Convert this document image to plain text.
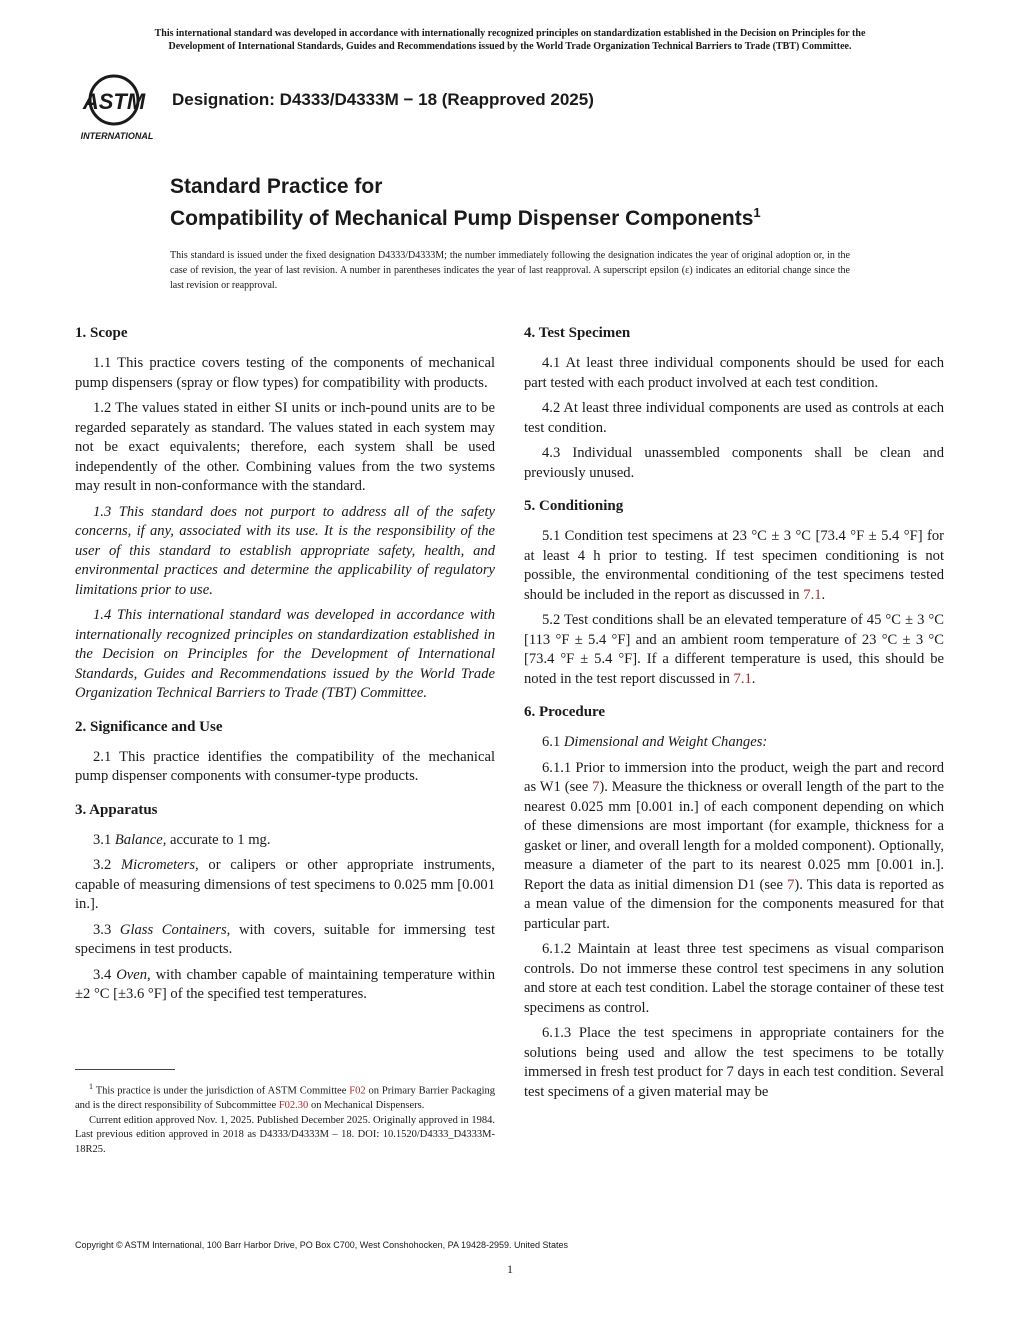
This international standard was developed in accordance with internationally recognized principles on standardization established in the Decision on Principles for the
Development of International Standards, Guides and Recommendations issued by the World Trade Organization Technical Barriers to Trade (TBT) Committee.
ASTM
INTERNATIONAL
Designation: D4333/D4333M − 18 (Reapproved 2025)
Standard Practice for
Compatibility of Mechanical Pump Dispenser Components$^1$
This standard is issued under the fixed designation D4333/D4333M; the number immediately following the designation indicates the year of original adoption or, in the case of revision, the year of last revision. A number in parentheses indicates the year of last reapproval. A superscript epsilon (ε) indicates an editorial change since the last revision or reapproval.
1. Scope

1.1 This practice covers testing of the components of mechanical pump dispensers (spray or flow types) for compatibility with products.

1.2 The values stated in either SI units or inch-pound units are to be regarded separately as standard. The values stated in each system may not be exact equivalents; therefore, each system shall be used independently of the other. Combining values from the two systems may result in non-conformance with the standard.

1.3 This standard does not purport to address all of the safety concerns, if any, associated with its use. It is the responsibility of the user of this standard to establish appropriate safety, health, and environmental practices and determine the applicability of regulatory limitations prior to use.

1.4 This international standard was developed in accordance with internationally recognized principles on standardization established in the Decision on Principles for the Development of International Standards, Guides and Recommendations issued by the World Trade Organization Technical Barriers to Trade (TBT) Committee.

2. Significance and Use

2.1 This practice identifies the compatibility of the mechanical pump dispenser components with consumer-type products.

3. Apparatus

3.1 Balance, accurate to 1 mg.

3.2 Micrometers, or calipers or other appropriate instruments, capable of measuring dimensions of test specimens to 0.025 mm [0.001 in.].

3.3 Glass Containers, with covers, suitable for immersing test specimens in test products.

3.4 Oven, with chamber capable of maintaining temperature within ±2 °C [±3.6 °F] of the specified test temperatures.

4. Test Specimen

4.1 At least three individual components should be used for each part tested with each product involved at each test condition.

4.2 At least three individual components are used as controls at each test condition.

4.3 Individual unassembled components shall be clean and previously unused.

5. Conditioning

5.1 Condition test specimens at 23 °C ± 3 °C [73.4 °F ± 5.4 °F] for at least 4 h prior to testing. If test specimen conditioning is not possible, the environmental conditioning of the test specimens tested should be included in the report as discussed in 7.1.

5.2 Test conditions shall be an elevated temperature of 45 °C ± 3 °C [113 °F ± 5.4 °F] and an ambient room temperature of 23 °C ± 3 °C [73.4 °F ± 5.4 °F]. If a different temperature is used, this should be noted in the test report discussed in 7.1.

6. Procedure

6.1 Dimensional and Weight Changes:

6.1.1 Prior to immersion into the product, weigh the part and record as W1 (see 7). Measure the thickness or overall length of the part to the nearest 0.025 mm [0.001 in.] of each component depending on which of these dimensions are most important (for example, thickness for a gasket or liner, and overall length for a molded component). Optionally, measure a diameter of the part to its nearest 0.025 mm [0.001 in.]. Report the data as initial dimension D1 (see 7). This data is reported as a mean value of the dimension for the components measured for that particular part.

6.1.2 Maintain at least three test specimens as visual comparison controls. Do not immerse these control test specimens in any solution and store at each test condition. Label the storage container of these test specimens as control.

6.1.3 Place the test specimens in appropriate containers for the solutions being used and allow the test specimens to be totally immersed in fresh test product for 7 days in each test condition. Several test specimens of a given material may be

$^1$ This practice is under the jurisdiction of ASTM Committee F02 on Primary Barrier Packaging and is the direct responsibility of Subcommittee F02.30 on Mechanical Dispensers.

Current edition approved Nov. 1, 2025. Published December 2025. Originally approved in 1984. Last previous edition approved in 2018 as D4333/D4333M – 18. DOI: 10.1520/D4333_D4333M-18R25.

Copyright © ASTM International, 100 Barr Harbor Drive, PO Box C700, West Conshohocken, PA 19428-2959. United States
1
